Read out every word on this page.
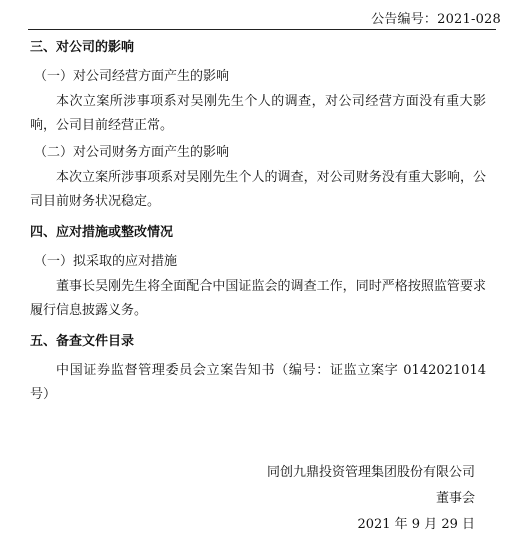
公告编号：2021-028
三、对公司的影响
（一）对公司经营方面产生的影响
本次立案所涉事项系对吴刚先生个人的调查，对公司经营方面没有重大影响，公司目前经营正常。
（二）对公司财务方面产生的影响
本次立案所涉事项系对吴刚先生个人的调查，对公司财务没有重大影响，公司目前财务状况稳定。
四、应对措施或整改情况
（一）拟采取的应对措施
董事长吴刚先生将全面配合中国证监会的调查工作，同时严格按照监管要求履行信息披露义务。
五、备查文件目录
中国证券监督管理委员会立案告知书（编号：证监立案字 0142021014 号）
同创九鼎投资管理集团股份有限公司
董事会
2021 年 9 月 29 日
